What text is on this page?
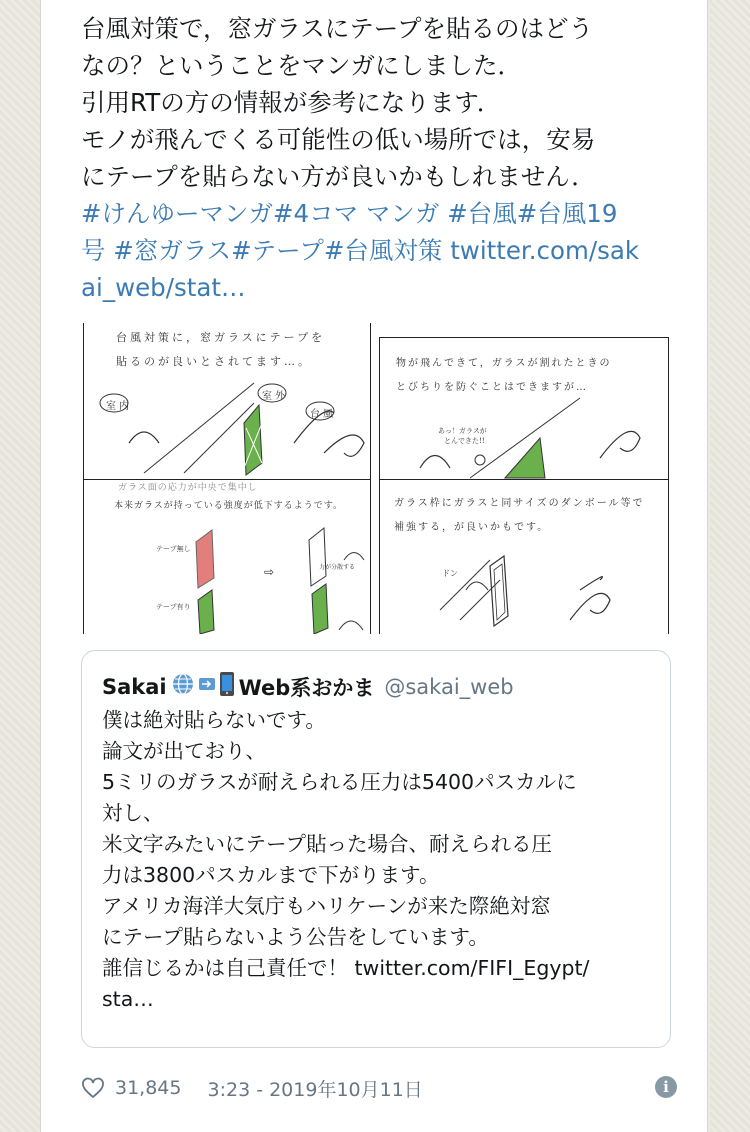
台風対策で，窓ガラスにテープを貼るのはどう

なの？ということをマンガにしました．

引用RTの方の情報が参考になります．

モノが飛んでくる可能性の低い場所では，安易

にテープを貼らない方が良いかもしれません．

#けんゆーマンガ#4コマ マンガ #台風#台風19

号 #窓ガラス#テープ#台風対策 twitter.com/sak

ai_web/stat…

台風対策に，窓ガラスにテープを
貼るのが良いとされてます…。
室内
室外
台風
物が飛んできて，ガラスが割れたときの
とびちりを防ぐことはできますが…
あっ！ガラスが
とんできた!!
ガラス面の応力が中央で集中し
本来ガラスが持っている強度が低下するようです。
テープ無し
テープ有り
力が分散する
⇨
ガラス枠にガラスと同サイズのダンボール等で
補強する，が良いかもです。
ドン
Sakai	Web系おかま @sakai_web

僕は絶対貼らないです。

論文が出ており、

5ミリのガラスが耐えられる圧力は5400パスカルに

対し、

米文字みたいにテープ貼った場合、耐えられる圧

力は3800パスカルまで下がります。

アメリカ海洋大気庁もハリケーンが来た際絶対窓

にテープ貼らないよう公告をしています。

誰信じるかは自己責任で！ twitter.com/FIFI_Egypt/

sta…

31,845 3:23 - 2019年10月11日	i
